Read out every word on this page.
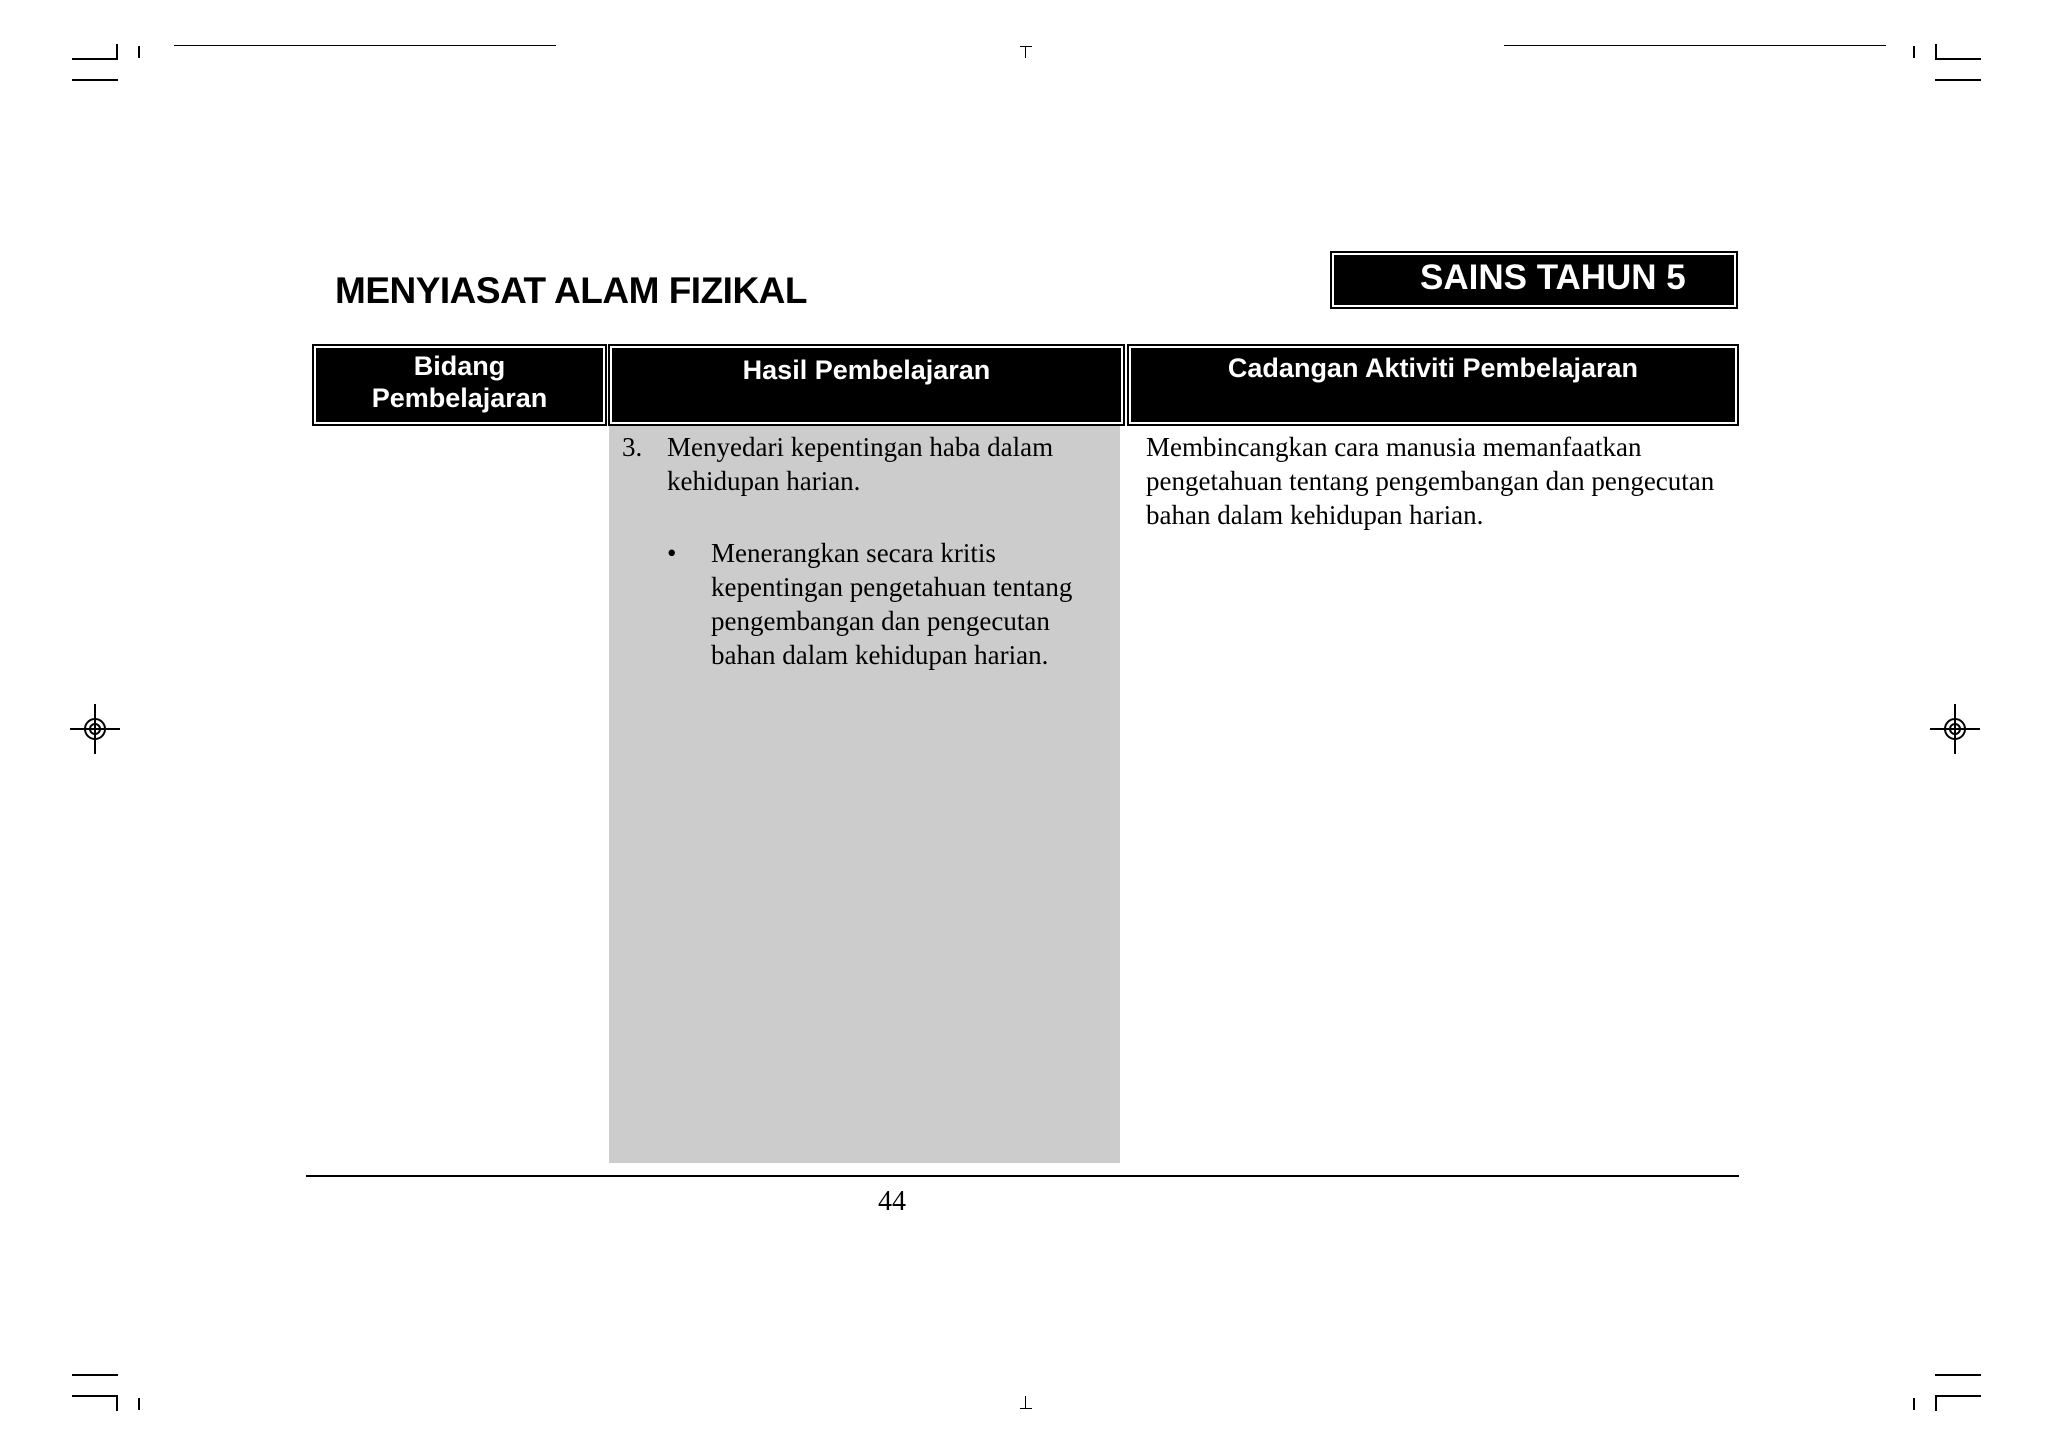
MENYIASAT ALAM FIZIKAL	SAINS TAHUN 5
Bidang
Pembelajaran
Hasil Pembelajaran	Cadangan Aktiviti Pembelajaran
3. Menyedari kepentingan haba dalam
kehidupan harian.
• Menerangkan secara kritis
kepentingan pengetahuan tentang
pengembangan dan pengecutan
bahan dalam kehidupan harian.
Membincangkan cara manusia memanfaatkan
pengetahuan tentang pengembangan dan pengecutan
bahan dalam kehidupan harian.
44
